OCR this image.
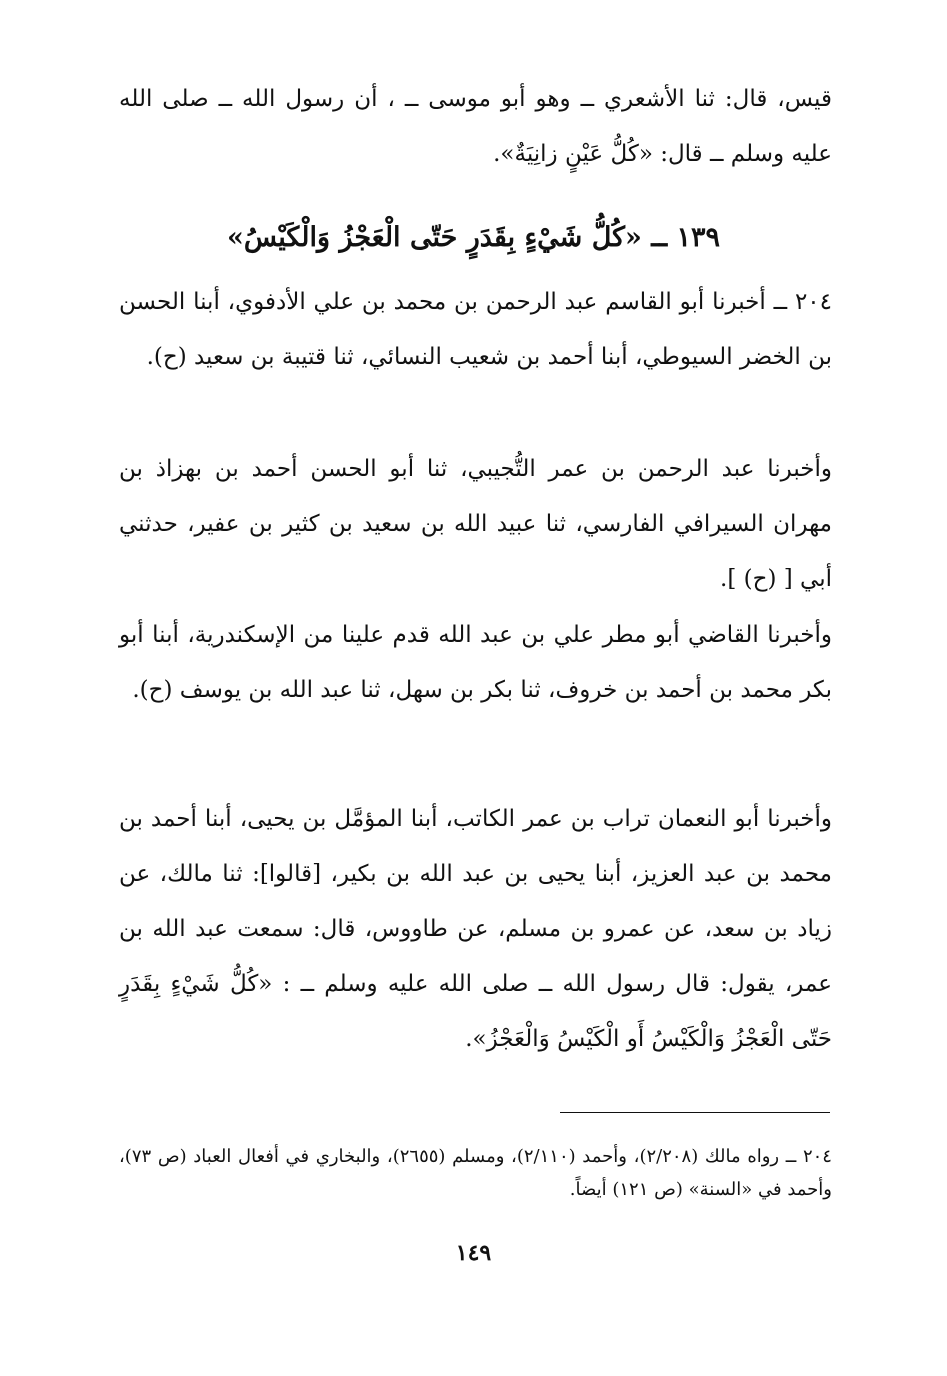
قيس، قال: ثنا الأشعري ــ وهو أبو موسى ــ ، أن رسول الله ــ صلى الله عليه وسلم ــ قال: «كُلُّ عَيْنٍ زانِيَةٌ».

١٣٩ ــ «كُلُّ شَيْءٍ بِقَدَرٍ حَتّى الْعَجْزُ وَالْكَيْسُ»

٢٠٤ ــ أخبرنا أبو القاسم عبد الرحمن بن محمد بن علي الأدفوي، أبنا الحسن بن الخضر السيوطي، أبنا أحمد بن شعيب النسائي، ثنا قتيبة بن سعيد (ح).

وأخبرنا عبد الرحمن بن عمر التُّجيبي، ثنا أبو الحسن أحمد بن بهزاذ بن مهران السيرافي الفارسي، ثنا عبيد الله بن سعيد بن كثير بن عفير، حدثني أبي [ (ح) ].

وأخبرنا القاضي أبو مطر علي بن عبد الله قدم علينا من الإسكندرية، أبنا أبو بكر محمد بن أحمد بن خروف، ثنا بكر بن سهل، ثنا عبد الله بن يوسف (ح).

وأخبرنا أبو النعمان تراب بن عمر الكاتب، أبنا المؤمَّل بن يحيى، أبنا أحمد بن محمد بن عبد العزيز، أبنا يحيى بن عبد الله بن بكير، [قالوا]: ثنا مالك، عن زياد بن سعد، عن عمرو بن مسلم، عن طاووس، قال: سمعت عبد الله بن عمر، يقول: قال رسول الله ــ صلى الله عليه وسلم ــ : «كُلُّ شَيْءٍ بِقَدَرٍ حَتّى الْعَجْزُ وَالْكَيْسُ أَو الْكَيْسُ وَالْعَجْزُ».

٢٠٤ ــ رواه مالك (٢/٢٠٨)، وأحمد (٢/١١٠)، ومسلم (٢٦٥٥)، والبخاري في أفعال العباد (ص ٧٣)، وأحمد في «السنة» (ص ١٢١) أيضاً.

١٤٩
